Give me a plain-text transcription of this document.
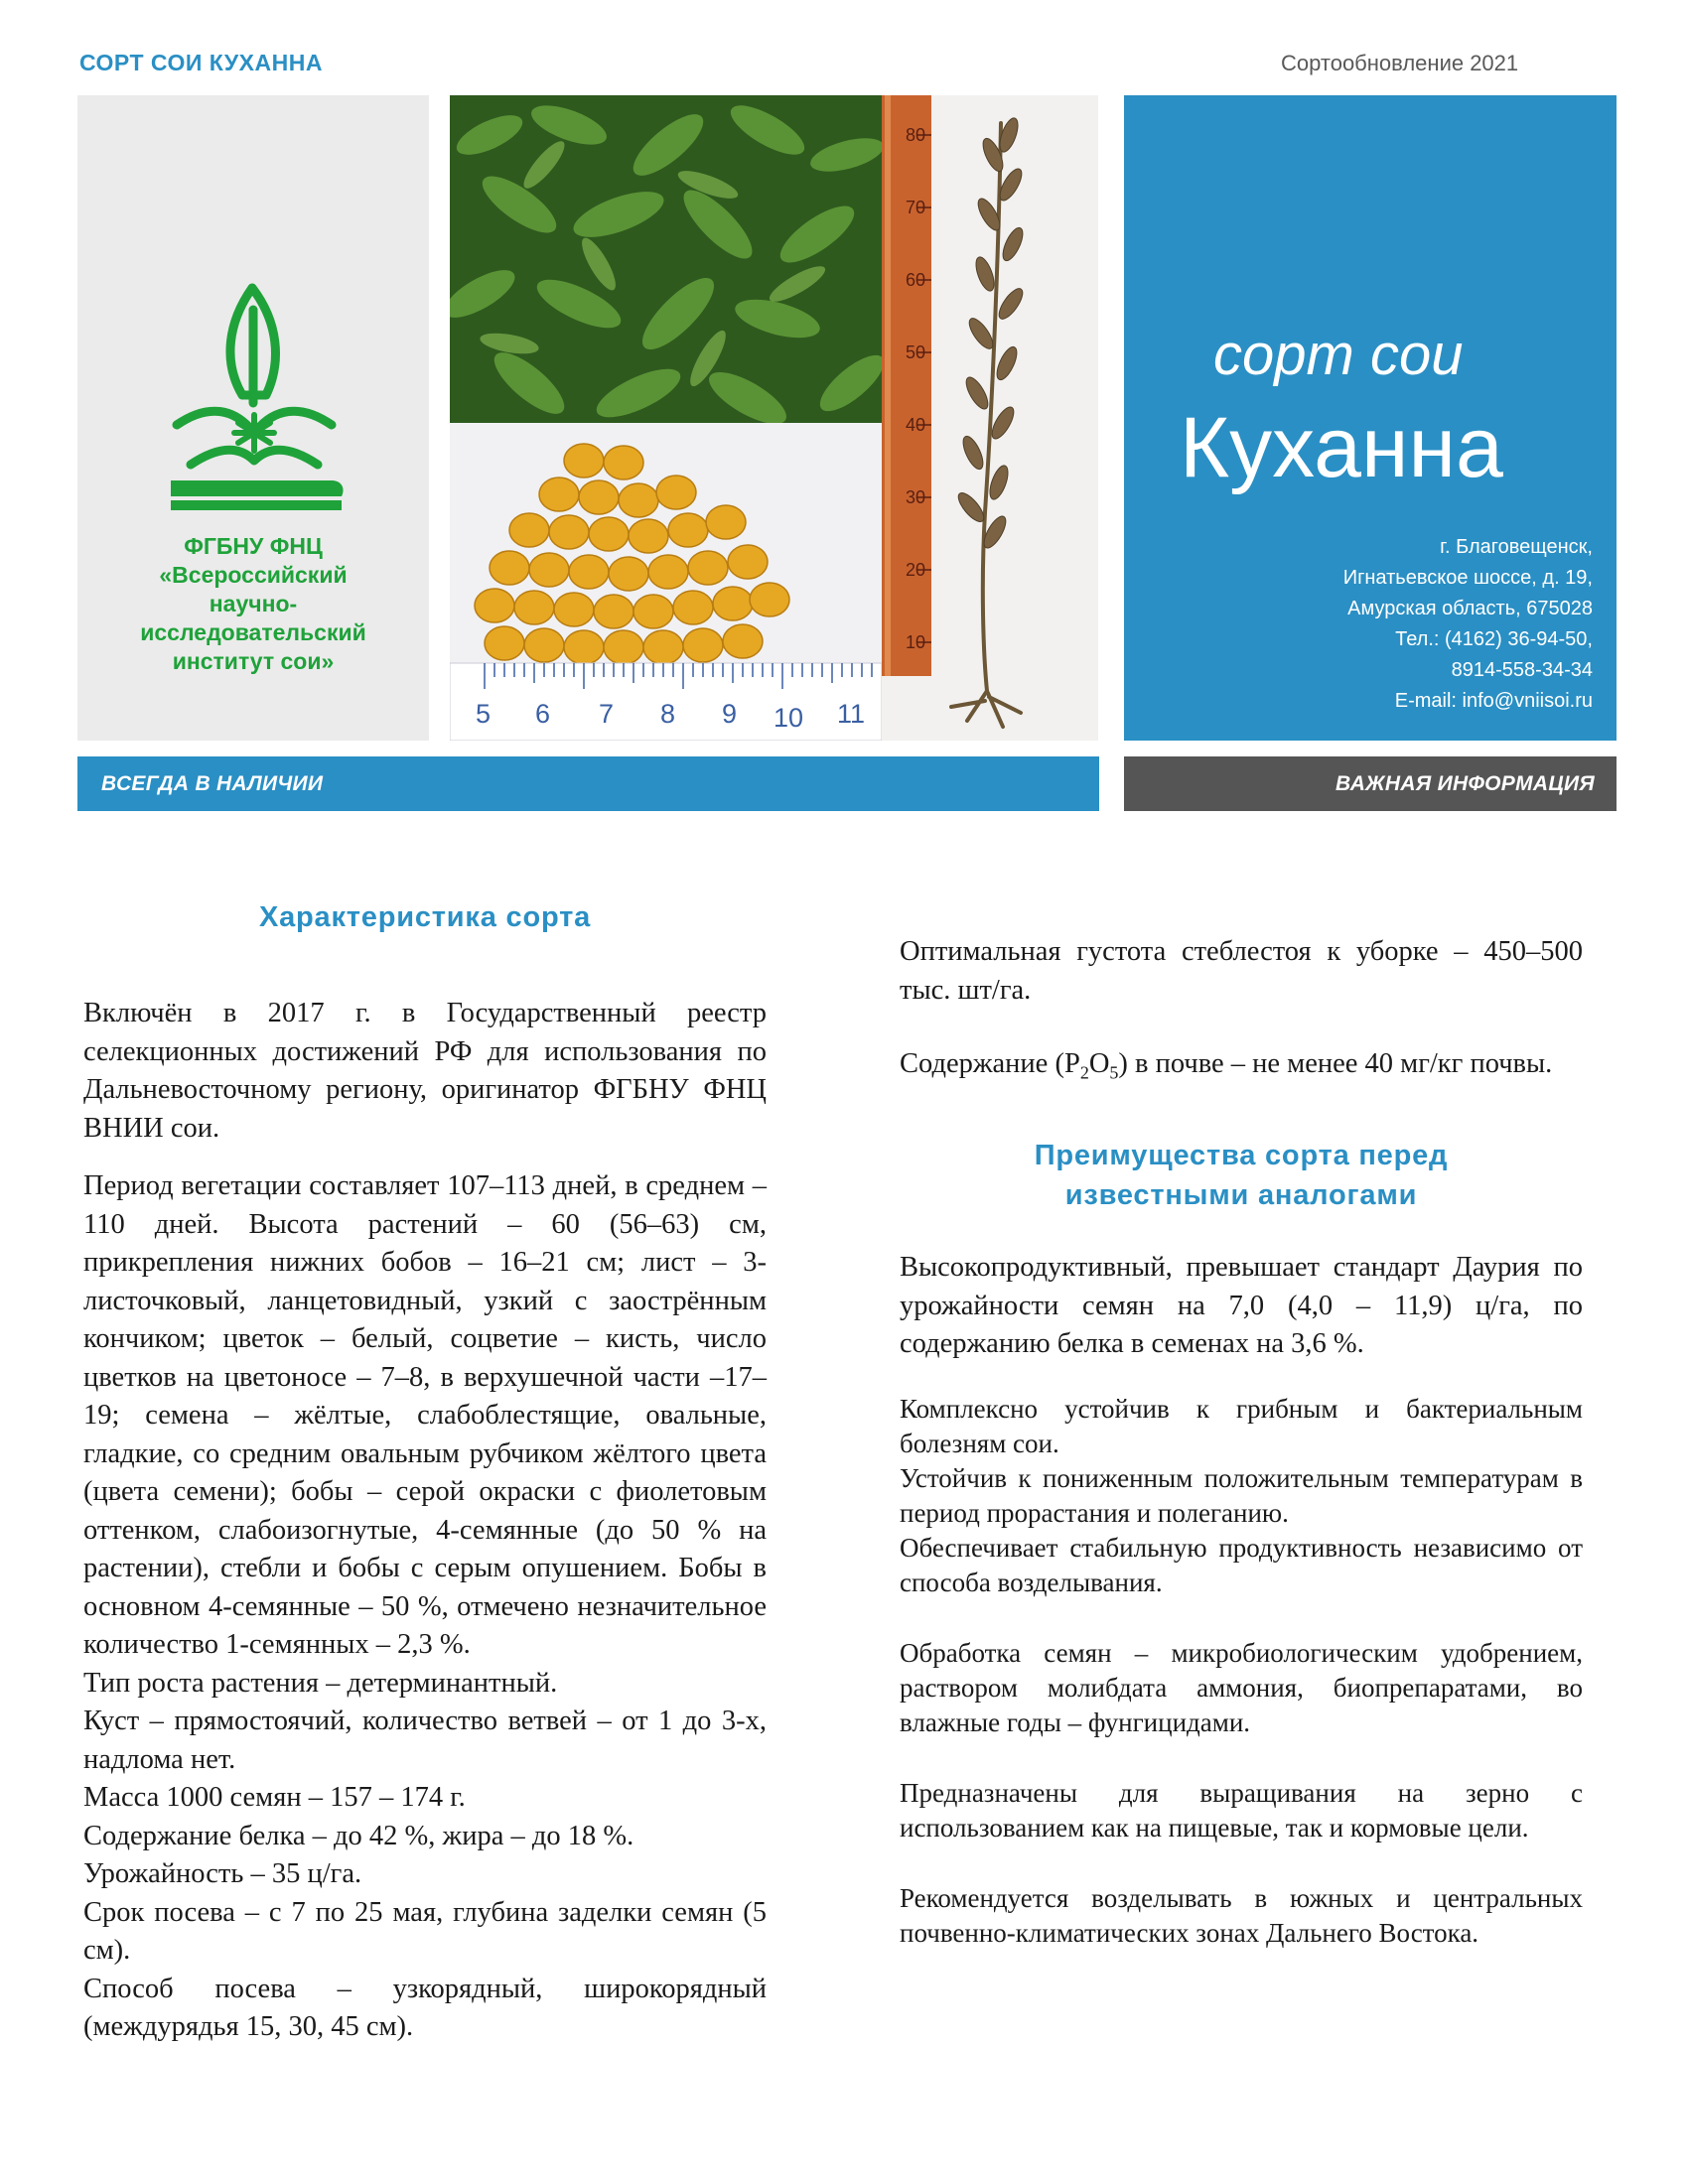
СОРТ СОИ КУХАННА	Сортообновление 2021
ФГБНУ ФНЦ
«Всероссийский
научно-
исследовательский
институт сои»
5 6 7 8 9 10 11
80
70
60
50
40
30
20
10
сорт сои
Куханна
г. Благовещенск,
Игнатьевское шоссе, д. 19,
Амурская область, 675028
Тел.: (4162) 36-94-50,
8914-558-34-34
E-mail: info@vniisoi.ru
ВСЕГДА В НАЛИЧИИ	ВАЖНАЯ ИНФОРМАЦИЯ
Характеристика сорта

Включён в 2017 г. в Государственный реестр селекционных достижений РФ для использования по Дальневосточному региону, оригинатор ФГБНУ ФНЦ ВНИИ сои.

Период вегетации составляет 107–113 дней, в среднем – 110 дней. Высота растений – 60 (56–63) см, прикрепления нижних бобов – 16–21 см; лист – 3-листочковый, ланцетовидный, узкий с заострённым кончиком; цветок – белый, соцветие – кисть, число цветков на цветоносе – 7–8, в верхушечной части –17–19; семена – жёлтые, слабоблестящие, овальные, гладкие, со средним овальным рубчиком жёлтого цвета (цвета семени); бобы – серой окраски с фиолетовым оттенком, слабоизогнутые, 4-семянные (до 50 % на растении), стебли и бобы с серым опушением. Бобы в основном 4-семянные – 50 %, отмечено незначительное количество 1-семянных – 2,3 %.

Тип роста растения – детерминантный.

Куст – прямостоячий, количество ветвей – от 1 до 3-х, надлома нет.

Масса 1000 семян – 157 – 174 г.

Содержание белка – до 42 %, жира – до 18 %.

Урожайность – 35 ц/га.

Срок посева – с 7 по 25 мая, глубина заделки семян (5 см).

Способ посева – узкорядный, широкорядный (междурядья 15, 30, 45 см).

Оптимальная густота стеблестоя к уборке – 450–500 тыс. шт/га.

Содержание $(P_2O_5)$ в почве – не менее 40 мг/кг почвы.

Преимущества сорта перед
известными аналогами

Высокопродуктивный, превышает стандарт Даурия по урожайности семян на 7,0 (4,0 – 11,9) ц/га, по содержанию белка в семенах на 3,6 %.

Комплексно устойчив к грибным и бактериальным болезням сои.

Устойчив к пониженным положительным температурам в период прорастания и полеганию.

Обеспечивает стабильную продуктивность независимо от способа возделывания.

Обработка семян – микробиологическим удобрением, раствором молибдата аммония, биопрепаратами, во влажные годы – фунгицидами.

Предназначены для выращивания на зерно с использованием как на пищевые, так и кормовые цели.

Рекомендуется возделывать в южных и центральных почвенно-климатических зонах Дальнего Востока.
